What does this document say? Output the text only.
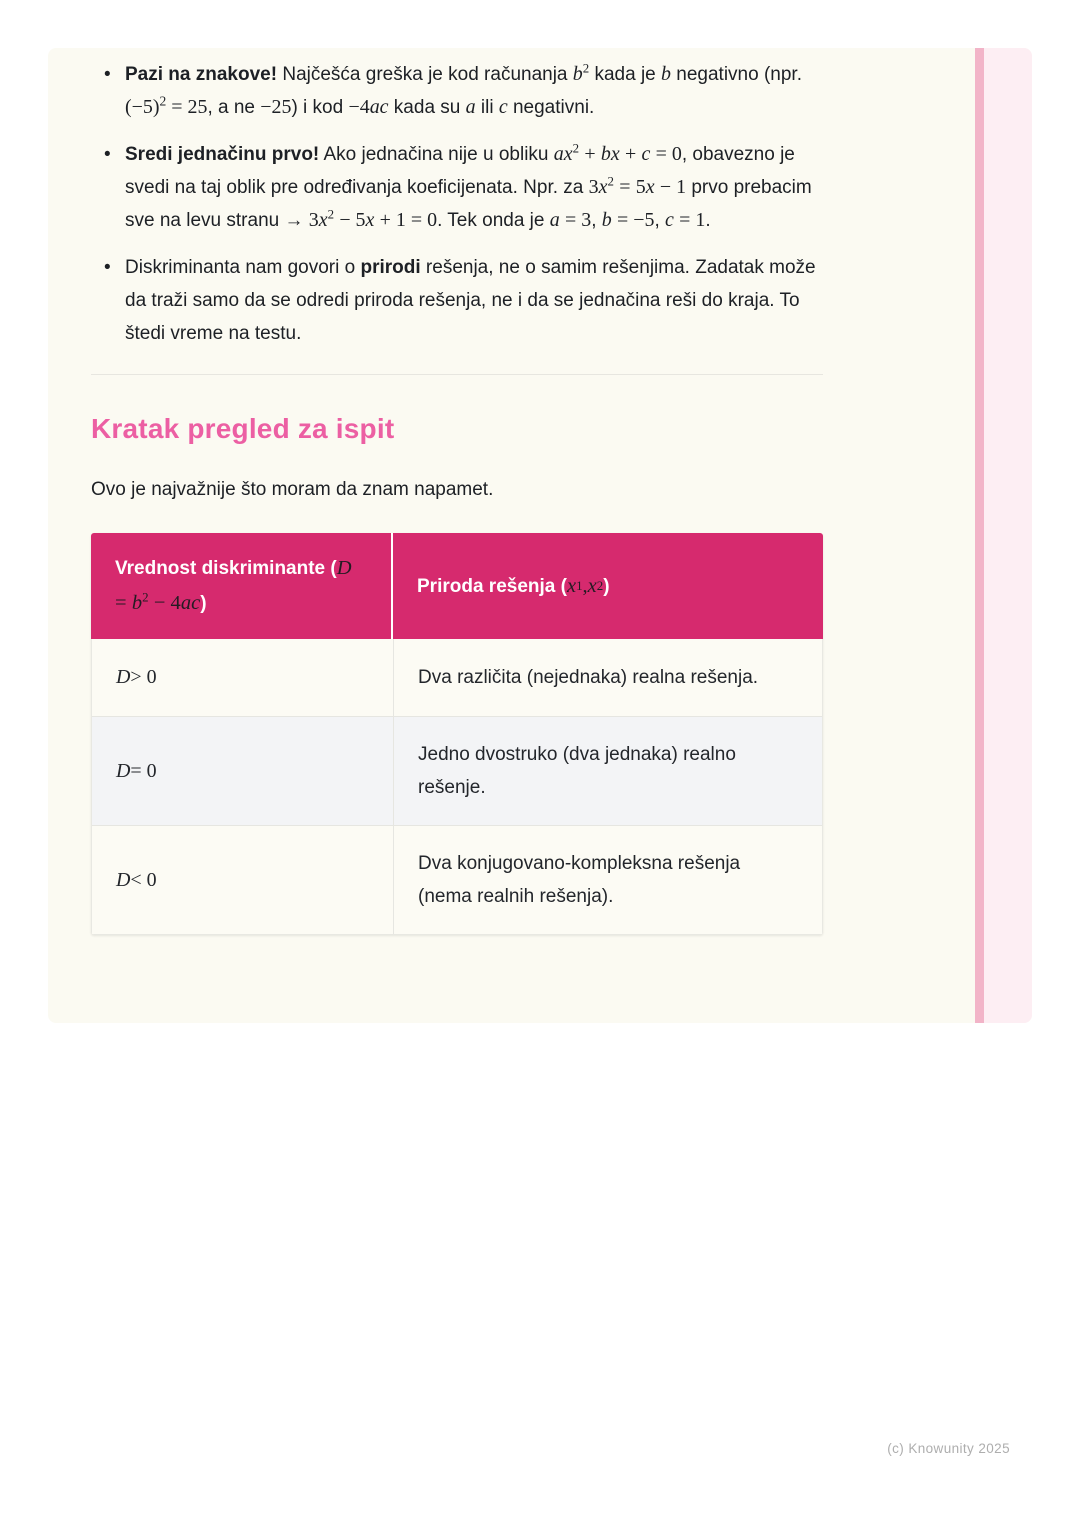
• Pazi na znakove! Najčešća greška je kod računanja $b^2$ kada je b negativno (npr. $(-5)^2 = 25$, a ne −25) i kod −4ac kada su a ili c negativni.
• Sredi jednačinu prvo! Ako jednačina nije u obliku $ax^2$ + bx + c = 0, obavezno je svedi na taj oblik pre određivanja koeficijenata. Npr. za $3x^2 = 5x - 1$ prvo prebacim sve na levu stranu → $3x^2 - 5x + 1 = 0$. Tek onda je a = 3, b = −5, c = 1.
• Diskriminanta nam govori o prirodi rešenja, ne o samim rešenjima. Zadatak može da traži samo da se odredi priroda rešenja, ne i da se jednačina reši do kraja. To štedi vreme na testu.
Kratak pregled za ispit

Ovo je najvažnije što moram da znam napamet.

Vrednost diskriminante $(D = b^2 - 4ac)$
Priroda rešenja ( x 1 , x 2 )
D > 0	Dva različita (nejednaka) realna rešenja.
D = 0
Jedno dvostruko (dva jednaka) realno rešenje.
D < 0
Dva konjugovano-kompleksna rešenja (nema realnih rešenja).
(c) Knowunity 2025
